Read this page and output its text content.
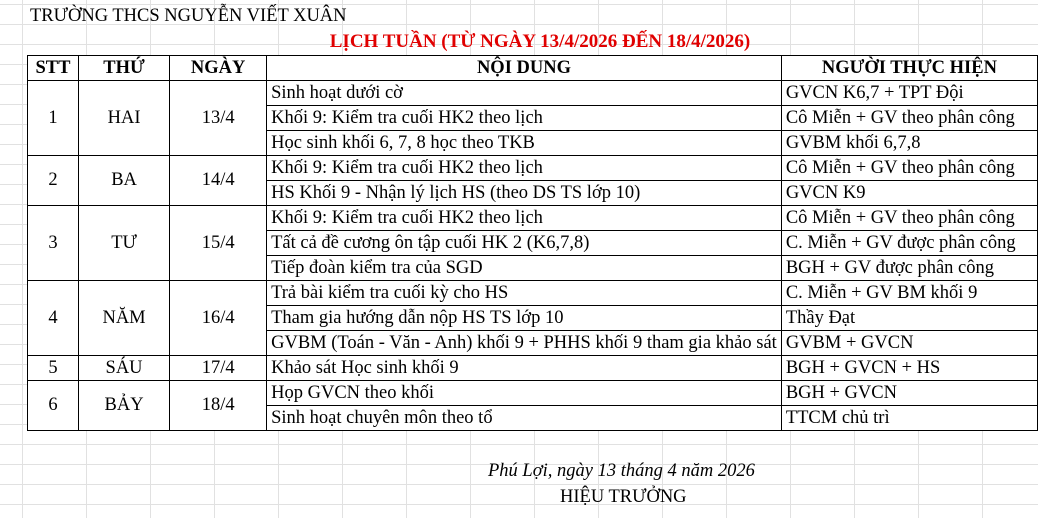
TRƯỜNG THCS NGUYỄN VIẾT XUÂN
LỊCH TUẦN (TỪ NGÀY 13/4/2026 ĐẾN 18/4/2026)
STT	THỨ	NGÀY	NỘI DUNG	NGƯỜI THỰC HIỆN
1	HAI	13/4	Sinh hoạt dưới cờ	GVCN K6,7 + TPT Đội
			Khối 9: Kiểm tra cuối HK2 theo lịch	Cô Miễn + GV theo phân công
			Học sinh khối 6, 7, 8 học theo TKB	GVBM khối 6,7,8
2	BA	14/4	Khối 9: Kiểm tra cuối HK2 theo lịch	Cô Miễn + GV theo phân công
			HS Khối 9 - Nhận lý lịch HS (theo DS TS lớp 10)	GVCN K9
3	TƯ	15/4	Khối 9: Kiểm tra cuối HK2 theo lịch	Cô Miễn + GV theo phân công
			Tất cả đề cương ôn tập cuối HK 2 (K6,7,8)	C. Miễn + GV được phân công
			Tiếp đoàn kiểm tra của SGD	BGH + GV được phân công
4	NĂM	16/4	Trả bài kiểm tra cuối kỳ cho HS	C. Miễn + GV BM khối 9
			Tham gia hướng dẫn nộp HS TS lớp 10	Thầy Đạt
			GVBM (Toán - Văn - Anh) khối 9 + PHHS khối 9 tham gia khảo sát	GVBM + GVCN
5	SÁU	17/4	Khảo sát Học sinh khối 9	BGH + GVCN + HS
6	BẢY	18/4	Họp GVCN theo khối	BGH + GVCN
			Sinh hoạt chuyên môn theo tổ	TTCM chủ trì
Phú Lợi, ngày 13 tháng 4 năm 2026
HIỆU TRƯỞNG
